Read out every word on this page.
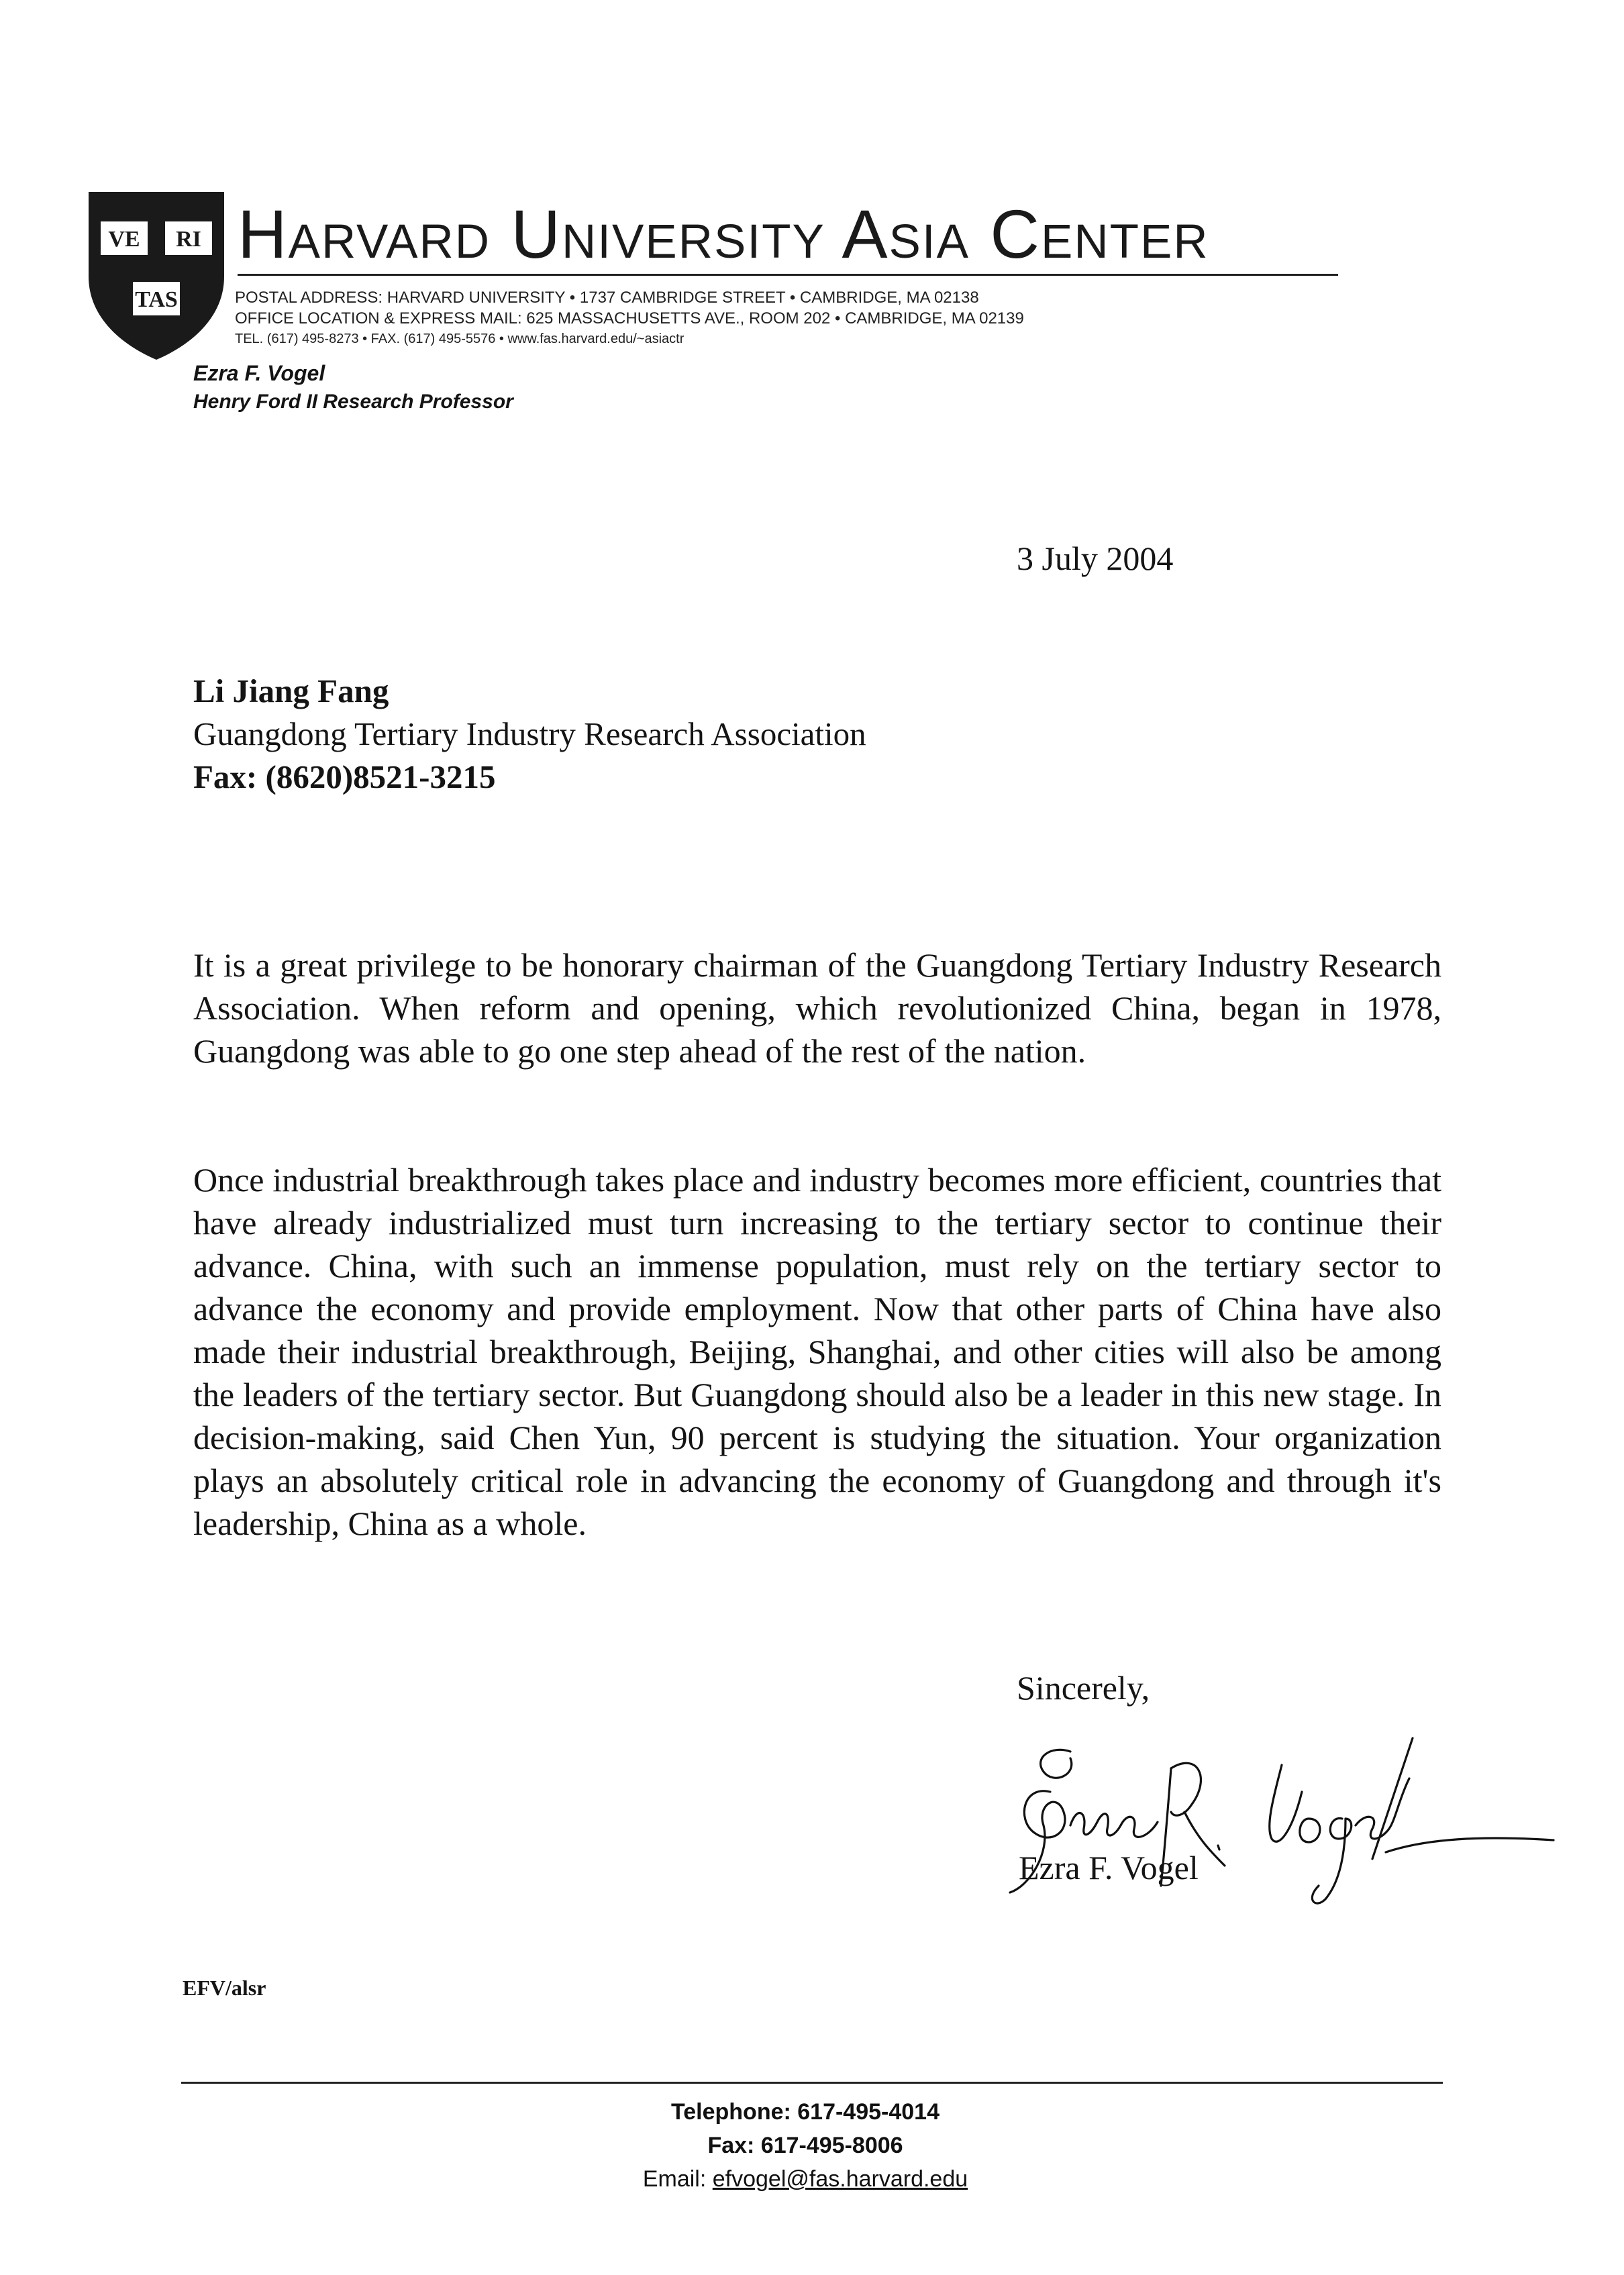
VE RI
TAS
Harvard University Asia Center
POSTAL ADDRESS: HARVARD UNIVERSITY • 1737 CAMBRIDGE STREET • CAMBRIDGE, MA 02138
OFFICE LOCATION & EXPRESS MAIL: 625 MASSACHUSETTS AVE., ROOM 202 • CAMBRIDGE, MA 02139
TEL. (617) 495-8273 • FAX. (617) 495-5576 • www.fas.harvard.edu/~asiactr
Ezra F. Vogel
Henry Ford II Research Professor
3 July 2004
Li Jiang Fang
Guangdong Tertiary Industry Research Association
Fax: (8620)8521-3215
It is a great privilege to be honorary chairman of the Guangdong Tertiary Industry Research Association. When reform and opening, which revolutionized China, began in 1978, Guangdong was able to go one step ahead of the rest of the nation.
Once industrial breakthrough takes place and industry becomes more efficient, countries that have already industrialized must turn increasing to the tertiary sector to continue their advance. China, with such an immense population, must rely on the tertiary sector to advance the economy and provide employment. Now that other parts of China have also made their industrial breakthrough, Beijing, Shanghai, and other cities will also be among the leaders of the tertiary sector. But Guangdong should also be a leader in this new stage. In decision-making, said Chen Yun, 90 percent is studying the situation. Your organization plays an absolutely critical role in advancing the economy of Guangdong and through it's leadership, China as a whole.
Sincerely,
Ezra F. Vogel
EFV/alsr
Telephone: 617-495-4014
Fax: 617-495-8006
Email: efvogel@fas.harvard.edu
